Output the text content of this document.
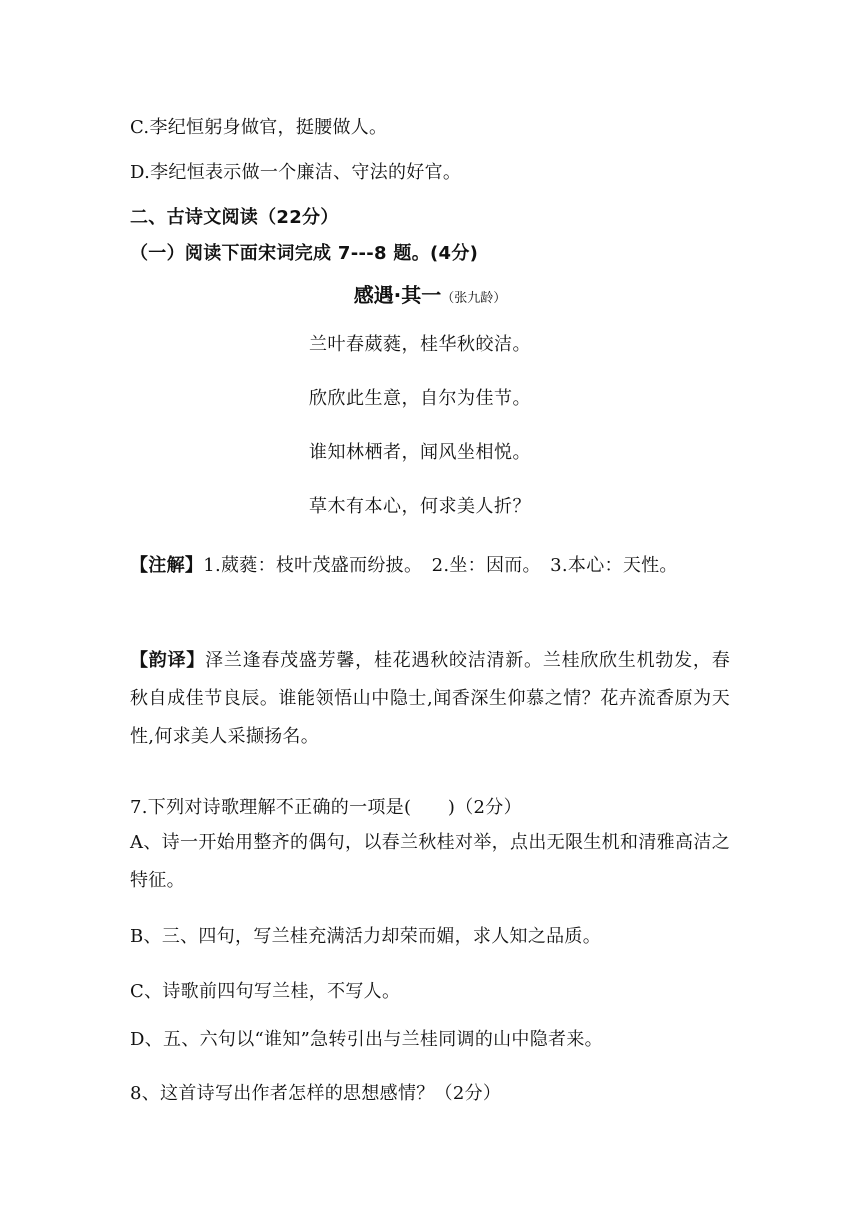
C.李纪恒躬身做官，挺腰做人。
D.李纪恒表示做一个廉洁、守法的好官。
二、古诗文阅读（22分）
（一）阅读下面宋词完成 7---8 题。(4分)
感遇·其一（张九龄）
兰叶春葳蕤，桂华秋皎洁。
欣欣此生意，自尔为佳节。
谁知林栖者，闻风坐相悦。
草木有本心，何求美人折？
【注解】1.葳蕤：枝叶茂盛而纷披。　2.坐：因而。　3.本心：天性。
【韵译】泽兰逢春茂盛芳馨，桂花遇秋皎洁清新。兰桂欣欣生机勃发，春秋自成佳节良辰。谁能领悟山中隐士,闻香深生仰慕之情？花卉流香原为天性,何求美人采撷扬名。
7.下列对诗歌理解不正确的一项是(　　)（2分）
A、诗一开始用整齐的偶句，以春兰秋桂对举，点出无限生机和清雅高洁之特征。
B、三、四句，写兰桂充满活力却荣而媚，求人知之品质。
C、诗歌前四句写兰桂，不写人。
D、五、六句以“谁知”急转引出与兰桂同调的山中隐者来。
8、这首诗写出作者怎样的思想感情？（2分）
